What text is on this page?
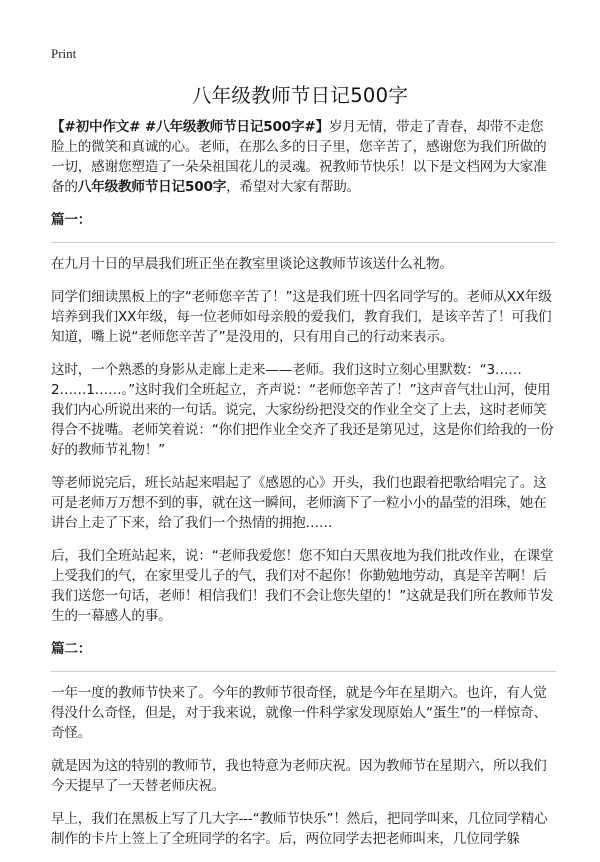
Print
八年级教师节日记500字

【#初中作文# #八年级教师节日记500字#】岁月无情，带走了青春，却带不走您脸上的微笑和真诚的心。老师，在那么多的日子里，您辛苦了，感谢您为我们所做的一切，感谢您塑造了一朵朵祖国花儿的灵魂。祝教师节快乐！以下是文档网为大家准备的八年级教师节日记500字，希望对大家有帮助。

篇一：

在九月十日的早晨我们班正坐在教室里谈论这教师节该送什么礼物。

同学们细读黑板上的字“老师您辛苦了！”这是我们班十四名同学写的。老师从XX年级培养到我们XX年级，每一位老师如母亲般的爱我们，教育我们，是该辛苦了！可我们知道，嘴上说“老师您辛苦了”是没用的，只有用自己的行动来表示。

这时，一个熟悉的身影从走廊上走来——老师。我们这时立刻心里默数：“3……2……1……。”这时我们全班起立，齐声说：“老师您辛苦了！”这声音气壮山河，使用我们内心所说出来的一句话。说完，大家纷纷把没交的作业全交了上去，这时老师笑得合不拢嘴。老师笑着说：“你们把作业全交齐了我还是第见过，这是你们给我的一份好的教师节礼物！”

等老师说完后，班长站起来唱起了《感恩的心》开头，我们也跟着把歌给唱完了。这可是老师万万想不到的事，就在这一瞬间，老师滴下了一粒小小的晶莹的泪珠，她在讲台上走了下来，给了我们一个热情的拥抱……

后，我们全班站起来，说：“老师我爱您！您不知白天黑夜地为我们批改作业，在课堂上受我们的气，在家里受儿子的气，我们对不起你！你勤勉地劳动，真是辛苦啊！后我们送您一句话，老师！相信我们！我们不会让您失望的！”这就是我们所在教师节发生的一幕感人的事。

篇二：

一年一度的教师节快来了。今年的教师节很奇怪，就是今年在星期六。也许，有人觉得没什么奇怪，但是，对于我来说，就像一件科学家发现原始人“蛋生”的一样惊奇、奇怪。

就是因为这的特别的教师节，我也特意为老师庆祝。因为教师节在星期六，所以我们今天提早了一天替老师庆祝。

早上，我们在黑板上写了几大字---“教师节快乐”！然后，把同学叫来，几位同学精心制作的卡片上签上了全班同学的名字。后，两位同学去把老师叫来，几位同学躲
